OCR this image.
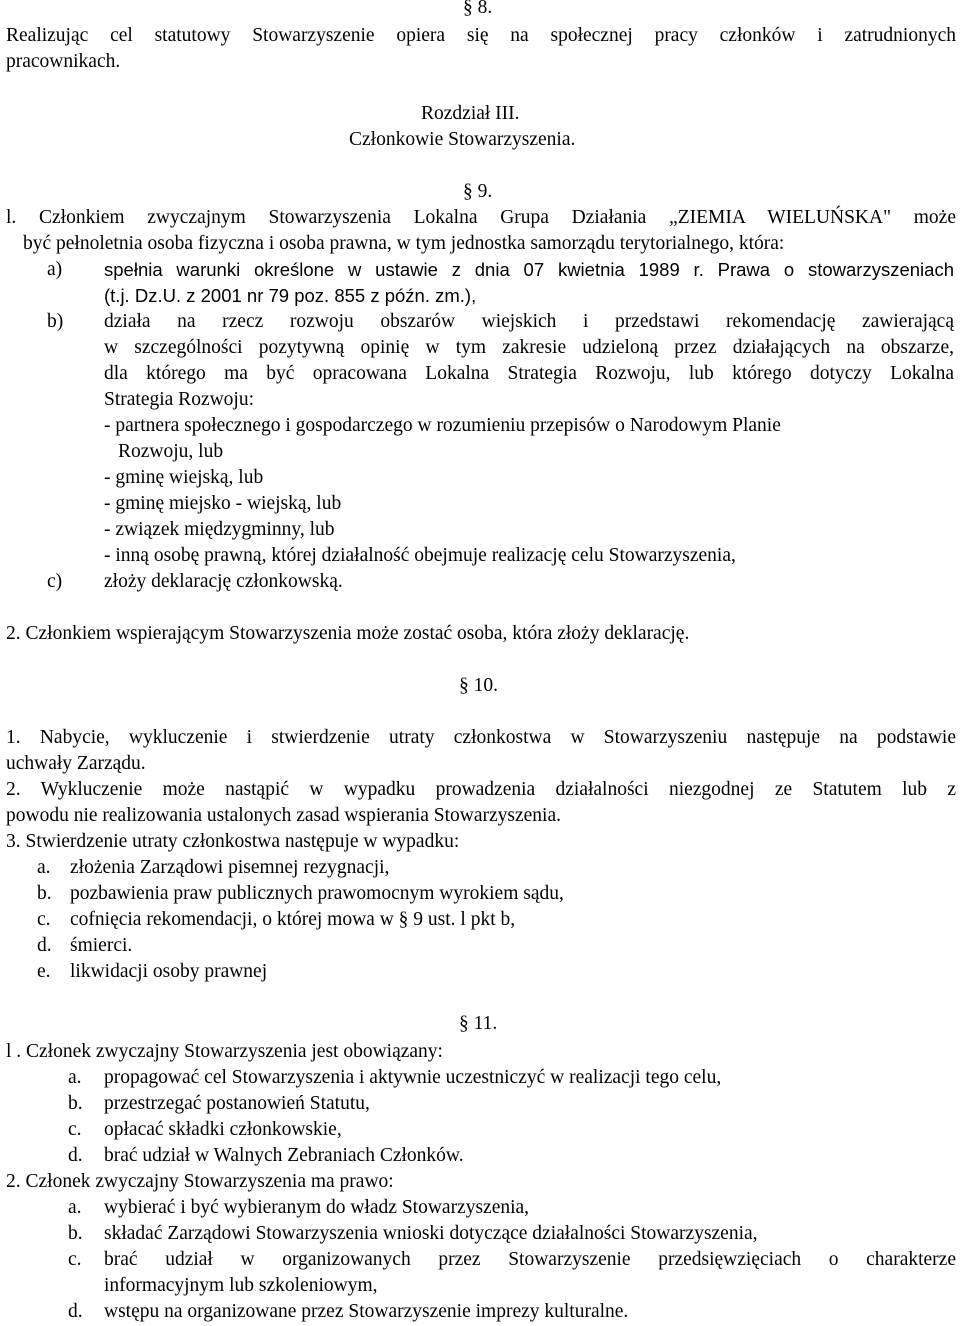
§ 8.
Realizując cel statutowy Stowarzyszenie opiera się na społecznej pracy członków i zatrudnionych
pracownikach.
Rozdział III.
Członkowie Stowarzyszenia.
§ 9.
l. Członkiem zwyczajnym Stowarzyszenia Lokalna Grupa Działania „ZIEMIA WIELUŃSKA" może
być pełnoletnia osoba fizyczna i osoba prawna, w tym jednostka samorządu terytorialnego, która:
a) spełnia warunki określone w ustawie z dnia 07 kwietnia 1989 r. Prawa o stowarzyszeniach
(t.j. Dz.U. z 2001 nr 79 poz. 855 z późn. zm.),
b) działa na rzecz rozwoju obszarów wiejskich i przedstawi rekomendację zawierającą
w szczególności pozytywną opinię w tym zakresie udzieloną przez działających na obszarze,
dla którego ma być opracowana Lokalna Strategia Rozwoju, lub którego dotyczy Lokalna
Strategia Rozwoju:
- partnera społecznego i gospodarczego w rozumieniu przepisów o Narodowym Planie
Rozwoju, lub
- gminę wiejską, lub
- gminę miejsko - wiejską, lub
- związek międzygminny, lub
- inną osobę prawną, której działalność obejmuje realizację celu Stowarzyszenia,
c) złoży deklarację członkowską.
2. Członkiem wspierającym Stowarzyszenia może zostać osoba, która złoży deklarację.
§ 10.
1. Nabycie, wykluczenie i stwierdzenie utraty członkostwa w Stowarzyszeniu następuje na podstawie
uchwały Zarządu.
2. Wykluczenie może nastąpić w wypadku prowadzenia działalności niezgodnej ze Statutem lub z
powodu nie realizowania ustalonych zasad wspierania Stowarzyszenia.
3. Stwierdzenie utraty członkostwa następuje w wypadku:
a. złożenia Zarządowi pisemnej rezygnacji,
b. pozbawienia praw publicznych prawomocnym wyrokiem sądu,
c. cofnięcia rekomendacji, o której mowa w § 9 ust. l pkt b,
d. śmierci.
e. likwidacji osoby prawnej
§ 11.
l . Członek zwyczajny Stowarzyszenia jest obowiązany:
a. propagować cel Stowarzyszenia i aktywnie uczestniczyć w realizacji tego celu,
b. przestrzegać postanowień Statutu,
c. opłacać składki członkowskie,
d. brać udział w Walnych Zebraniach Członków.
2. Członek zwyczajny Stowarzyszenia ma prawo:
a. wybierać i być wybieranym do władz Stowarzyszenia,
b. składać Zarządowi Stowarzyszenia wnioski dotyczące działalności Stowarzyszenia,
c. brać udział w organizowanych przez Stowarzyszenie przedsięwzięciach o charakterze
informacyjnym lub szkoleniowym,
d. wstępu na organizowane przez Stowarzyszenie imprezy kulturalne.
